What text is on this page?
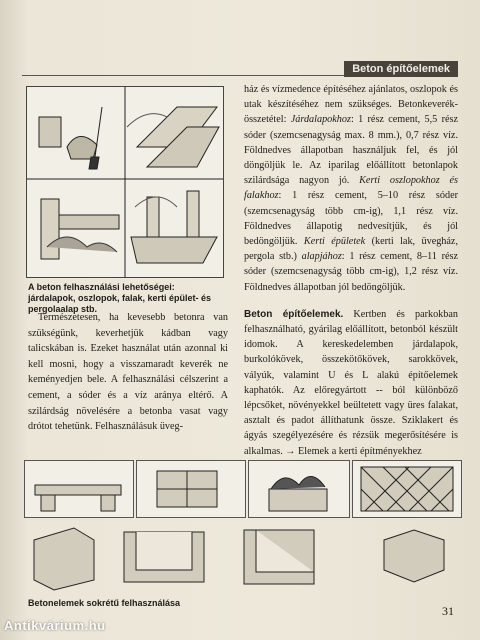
Beton építőelemek
A beton felhasználási lehetőségei: járdalapok, oszlopok, falak, kerti épület- és pergolaalap stb.

ház és vízmedence építéséhez ajánlatos, oszlopok és utak készítéséhez nem szükséges. Betonkeverék-összetétel: Járdalapokhoz: 1 rész cement, 5,5 rész sóder (szemcsenagyság max. 8 mm.), 0,7 rész víz. Földnedves állapotban használjuk fel, és jól döngöljük le. Az iparilag előállított betonlapok szilárdsága nagyon jó. Kerti oszlopokhoz és falakhoz: 1 rész cement, 5–10 rész sóder (szemcsenagyság több cm-ig), 1,1 rész víz. Földnedves állapotig nedvesítjük, és jól bedöngöljük. Kerti épületek (kerti lak, üvegház, pergola stb.) alapjához: 1 rész cement, 8–11 rész sóder (szemcsenagyság több cm-ig), 1,2 rész víz. Földnedves állapotban jól bedöngöljük.

Beton építőelemek. Kertben és parkokban felhasználható, gyárilag előállított, betonból készült idomok. A kereskedelemben járdalapok, burkolókövek, összekötőkövek, sarokkövek, vályúk, valamint U és L alakú építőelemek kaphatók. Az előregyártott -- ból különböző lépcsőket, növényekkel beültetett vagy üres falakat, asztalt és padot állíthatunk össze. Sziklakert és ágyás szegélyezésére és rézsük megerősítésére is alkalmas. → Elemek a kerti építményekhez

Természetesen, ha kevesebb betonra van szükségünk, keverhetjük kádban vagy talicskában is. Ezeket használat után azonnal ki kell mosni, hogy a visszamaradt keverék ne keményedjen bele. A felhasználási célszerint a cement, a sóder és a víz aránya eltérő. A szilárdság növelésére a betonba vasat vagy drótot tehetünk. Felhasználásuk üveg-

Betonelemek sokrétű felhasználása
31
Antikvárium.hu
